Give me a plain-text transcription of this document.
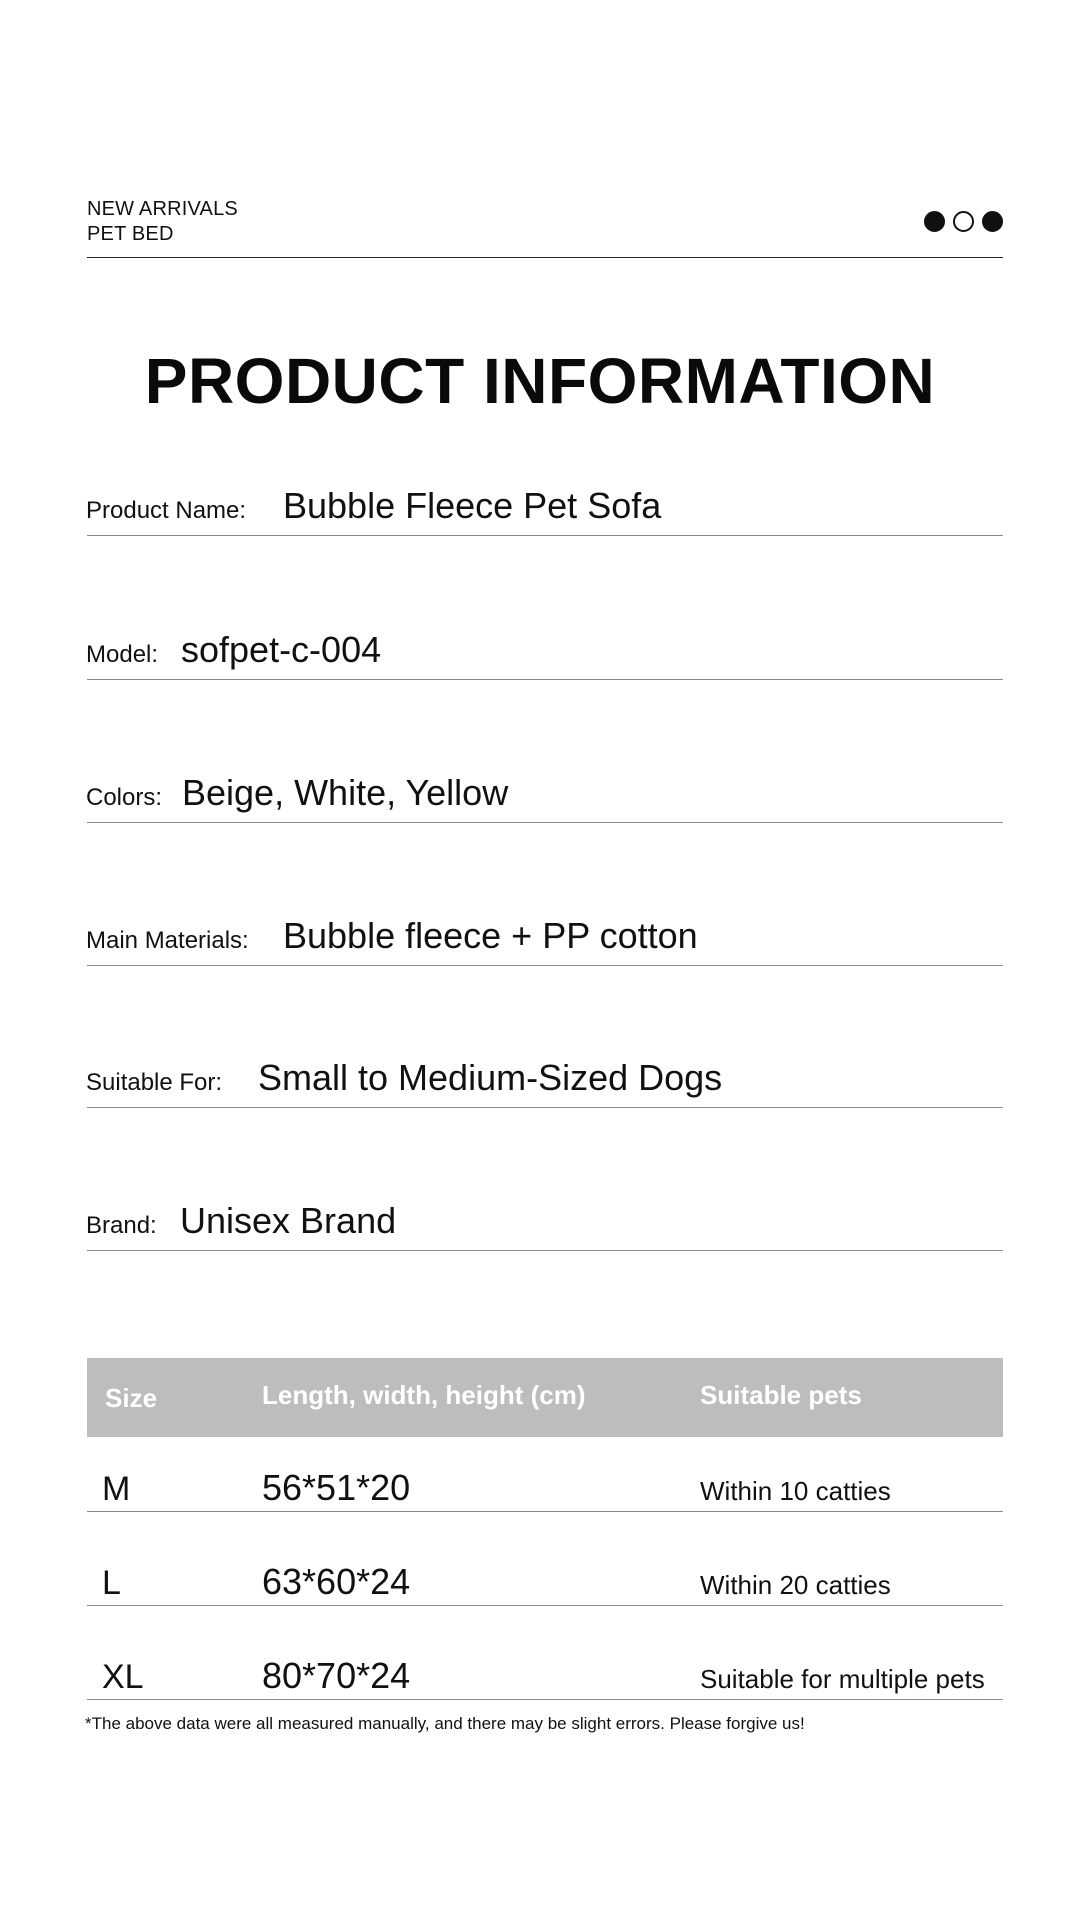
NEW ARRIVALS
PET BED
PRODUCT INFORMATION
Product Name: Bubble Fleece Pet Sofa
Model: sofpet-c-004
Colors: Beige, White, Yellow
Main Materials: Bubble fleece + PP cotton
Suitable For: Small to Medium-Sized Dogs
Brand: Unisex Brand
Size	Length, width, height (cm)	Suitable pets
M	56*51*20	Within 10 catties
L	63*60*24	Within 20 catties
XL	80*70*24	Suitable for multiple pets
*The above data were all measured manually, and there may be slight errors. Please forgive us!
